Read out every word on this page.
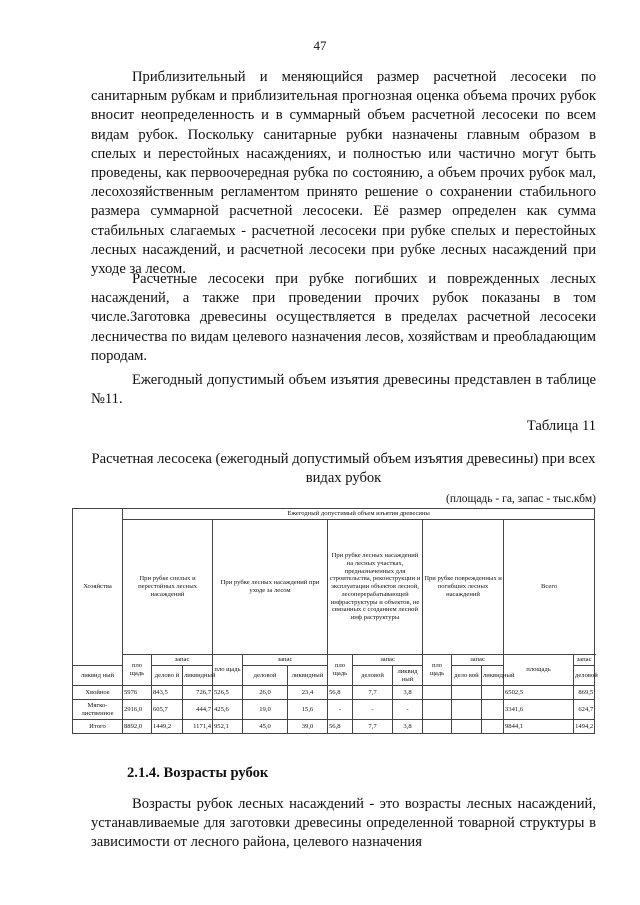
47

Приблизительный и меняющийся размер расчетной лесосеки по санитарным рубкам и приблизительная прогнозная оценка объема прочих рубок вносит неопределенность и в суммарный объем расчетной лесосеки по всем видам рубок. Поскольку санитарные рубки назначены главным образом в спелых и перестойных насаждениях, и полностью или частично могут быть проведены, как первоочередная рубка по состоянию, а объем прочих рубок мал, лесохозяйственным регламентом принято решение о сохранении стабильного размера суммарной расчетной лесосеки. Её размер определен как сумма стабильных слагаемых - расчетной лесосеки при рубке спелых и перестойных лесных насаждений, и расчетной лесосеки при рубке лесных насаждений при уходе за лесом.

Расчетные лесосеки при рубке погибших и поврежденных лесных насаждений, а также при проведении прочих рубок показаны в том числе.Заготовка древесины осуществляется в пределах расчетной лесосеки лесничества по видам целевого назначения лесов, хозяйствам и преобладающим породам.

Ежегодный допустимый объем изъятия древесины представлен в таблице №11.

Таблица 11
Расчетная лесосека (ежегодный допустимый объем изъятия древесины) при всех видах рубок
(площадь - га, запас - тыс.кбм)
Хозяйства	Ежегодный допустимый объем изъятия древесины														
	При рубке спелых и перестойных лесных насаждений			При рубке лесных насаждений при уходе за лесом			При рубке лесных насаждений на лесных участках, предназначенных для строительства, реконструкции и эксплуатации объектов лесной, лесоперерабатывающей инфраструктуры и объектов, не связанных с созданием лесной инф раструктуры			При рубке поврежденных и погибших лесных насаждений			Всего		
	пло щадь	запас		пло щадь	запас		пло щадь	запас		пло щадь	запас		площадь	запас	
ликвид ный		делово й	ликвидный		деловой	ликвидный		деловой	ликвид ный		дело вой	ликвидный		деловой	
Хвойное	5976	843,5	726,7	526,5	26,0	23,4	56,8	7,7	3,8				6502,5	869,5	
Мягко-лиственное	2916,0	605,7	444,7	425,6	19,0	15,6	-	-	-				3341,6	624,7	
Итого	8892,0	1449,2	1171,4	952,1	45,0	39,0	56,8	7,7	3,8				9844,1	1494,2	
2.1.4. Возрасты рубок

Возрасты рубок лесных насаждений - это возрасты лесных насаждений, устанавливаемые для заготовки древесины определенной товарной структуры в зависимости от лесного района, целевого назначения
